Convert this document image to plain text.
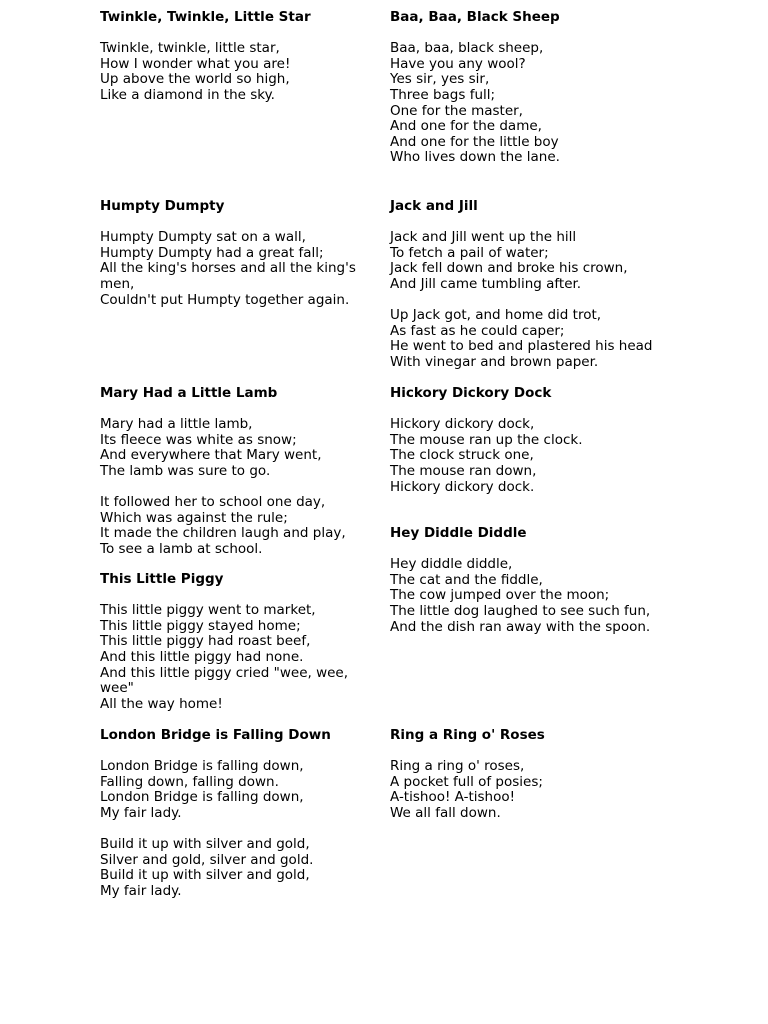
Twinkle, Twinkle, Little Star
Twinkle, twinkle, little star,
How I wonder what you are!
Up above the world so high,
Like a diamond in the sky.
Baa, Baa, Black Sheep
Baa, baa, black sheep,
Have you any wool?
Yes sir, yes sir,
Three bags full;
One for the master,
And one for the dame,
And one for the little boy
Who lives down the lane.
Humpty Dumpty
Humpty Dumpty sat on a wall,
Humpty Dumpty had a great fall;
All the king's horses and all the king's men,
Couldn't put Humpty together again.
Jack and Jill
Jack and Jill went up the hill
To fetch a pail of water;
Jack fell down and broke his crown,
And Jill came tumbling after.
Up Jack got, and home did trot,
As fast as he could caper;
He went to bed and plastered his head
With vinegar and brown paper.
Mary Had a Little Lamb
Mary had a little lamb,
Its fleece was white as snow;
And everywhere that Mary went,
The lamb was sure to go.
It followed her to school one day,
Which was against the rule;
It made the children laugh and play,
To see a lamb at school.
Hickory Dickory Dock
Hickory dickory dock,
The mouse ran up the clock.
The clock struck one,
The mouse ran down,
Hickory dickory dock.
This Little Piggy
This little piggy went to market,
This little piggy stayed home;
This little piggy had roast beef,
And this little piggy had none.
And this little piggy cried "wee, wee, wee"
All the way home!
Hey Diddle Diddle
Hey diddle diddle,
The cat and the fiddle,
The cow jumped over the moon;
The little dog laughed to see such fun,
And the dish ran away with the spoon.
London Bridge is Falling Down
London Bridge is falling down,
Falling down, falling down.
London Bridge is falling down,
My fair lady.
Build it up with silver and gold,
Silver and gold, silver and gold.
Build it up with silver and gold,
My fair lady.
Ring a Ring o' Roses
Ring a ring o' roses,
A pocket full of posies;
A-tishoo! A-tishoo!
We all fall down.
